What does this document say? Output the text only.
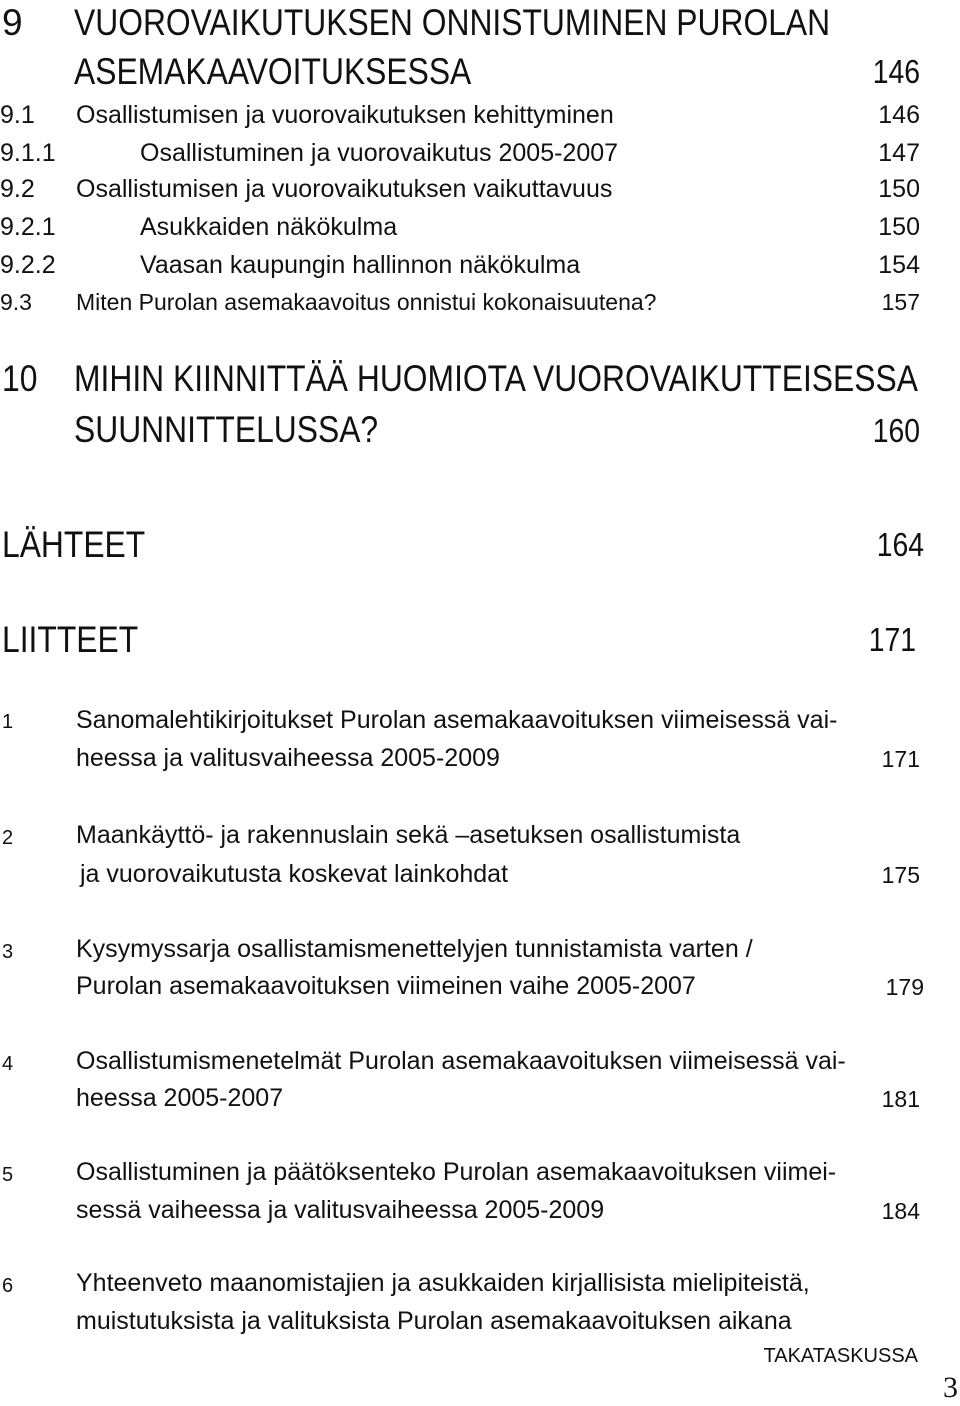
9 VUOROVAIKUTUKSEN ONNISTUMINEN PUROLAN
ASEMAKAAVOITUKSESSA	146
9.1 Osallistumisen ja vuorovaikutuksen kehittyminen	146
9.1.1	Osallistuminen ja vuorovaikutus 2005-2007	147
9.2 Osallistumisen ja vuorovaikutuksen vaikuttavuus	150
9.2.1	Asukkaiden näkökulma	150
9.2.2	Vaasan kaupungin hallinnon näkökulma	154
9.3 Miten Purolan asemakaavoitus onnistui kokonaisuutena?	157
10 MIHIN KIINNITTÄÄ HUOMIOTA VUOROVAIKUTTEISESSA
SUUNNITTELUSSA?	160
LÄHTEET	164
LIITTEET	171
1	Sanomalehtikirjoitukset Purolan asemakaavoituksen viimeisessä vai-
heessa ja valitusvaiheessa 2005-2009	171
2	Maankäyttö- ja rakennuslain sekä –asetuksen osallistumista
ja vuorovaikutusta koskevat lainkohdat	175
3	Kysymyssarja osallistamismenettelyjen tunnistamista varten /
Purolan asemakaavoituksen viimeinen vaihe 2005-2007	179
4	Osallistumismenetelmät Purolan asemakaavoituksen viimeisessä vai-
heessa 2005-2007	181
5	Osallistuminen ja päätöksenteko Purolan asemakaavoituksen viimei-
sessä vaiheessa ja valitusvaiheessa 2005-2009	184
6	Yhteenveto maanomistajien ja asukkaiden kirjallisista mielipiteistä,
muistutuksista ja valituksista Purolan asemakaavoituksen aikana
TAKATASKUSSA
3
